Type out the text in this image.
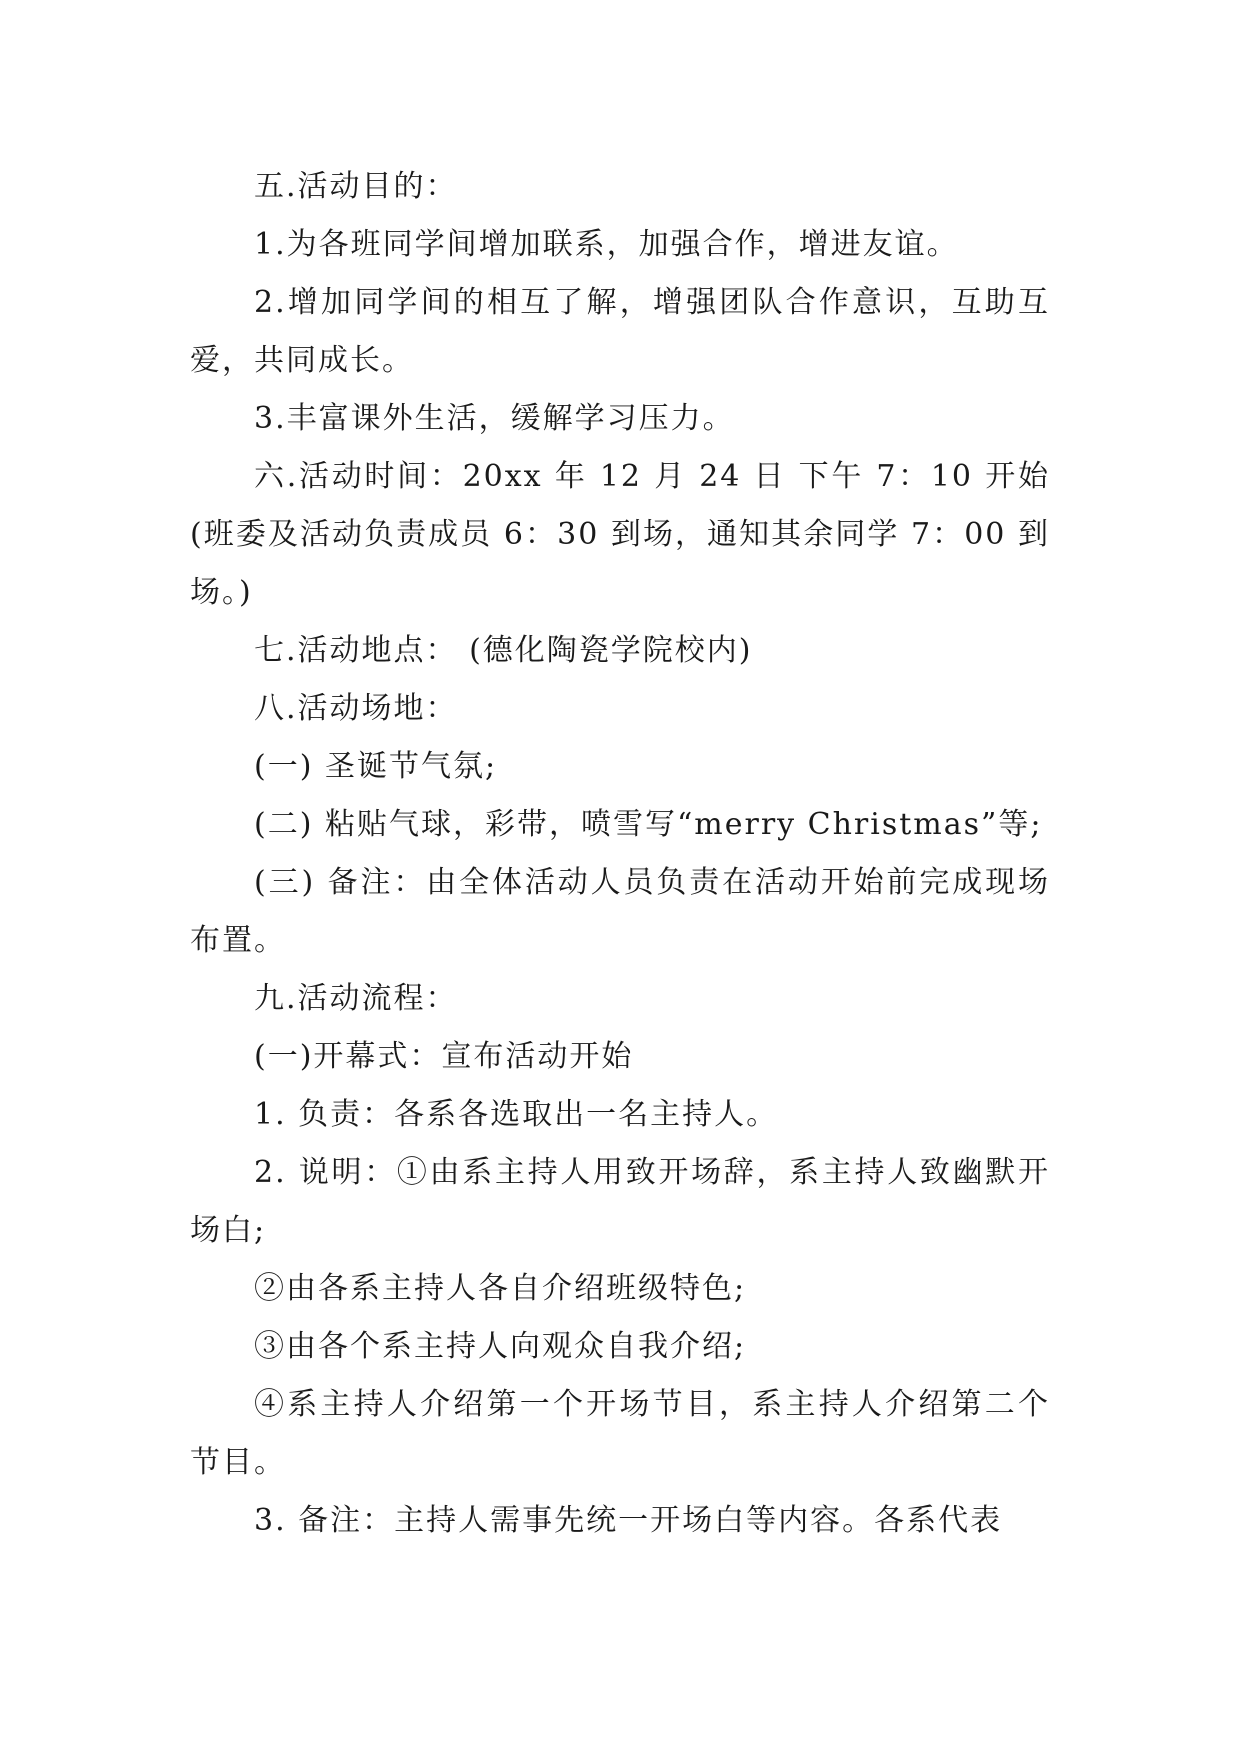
五.活动目的：

1.为各班同学间增加联系，加强合作，增进友谊。

2.增加同学间的相互了解，增强团队合作意识，互助互爱，共同成长。

3.丰富课外生活，缓解学习压力。

六.活动时间：20xx 年 12 月 24 日 下午 7：10 开始(班委及活动负责成员 6：30 到场，通知其余同学 7：00 到场。)

七.活动地点： (德化陶瓷学院校内)

八.活动场地：

(一) 圣诞节气氛;

(二) 粘贴气球，彩带，喷雪写“merry Christmas”等;

(三) 备注：由全体活动人员负责在活动开始前完成现场布置。

九.活动流程：

(一)开幕式：宣布活动开始

1. 负责：各系各选取出一名主持人。

2. 说明：①由系主持人用致开场辞，系主持人致幽默开场白;

②由各系主持人各自介绍班级特色;

③由各个系主持人向观众自我介绍;

④系主持人介绍第一个开场节目，系主持人介绍第二个节目。

3. 备注：主持人需事先统一开场白等内容。各系代表
